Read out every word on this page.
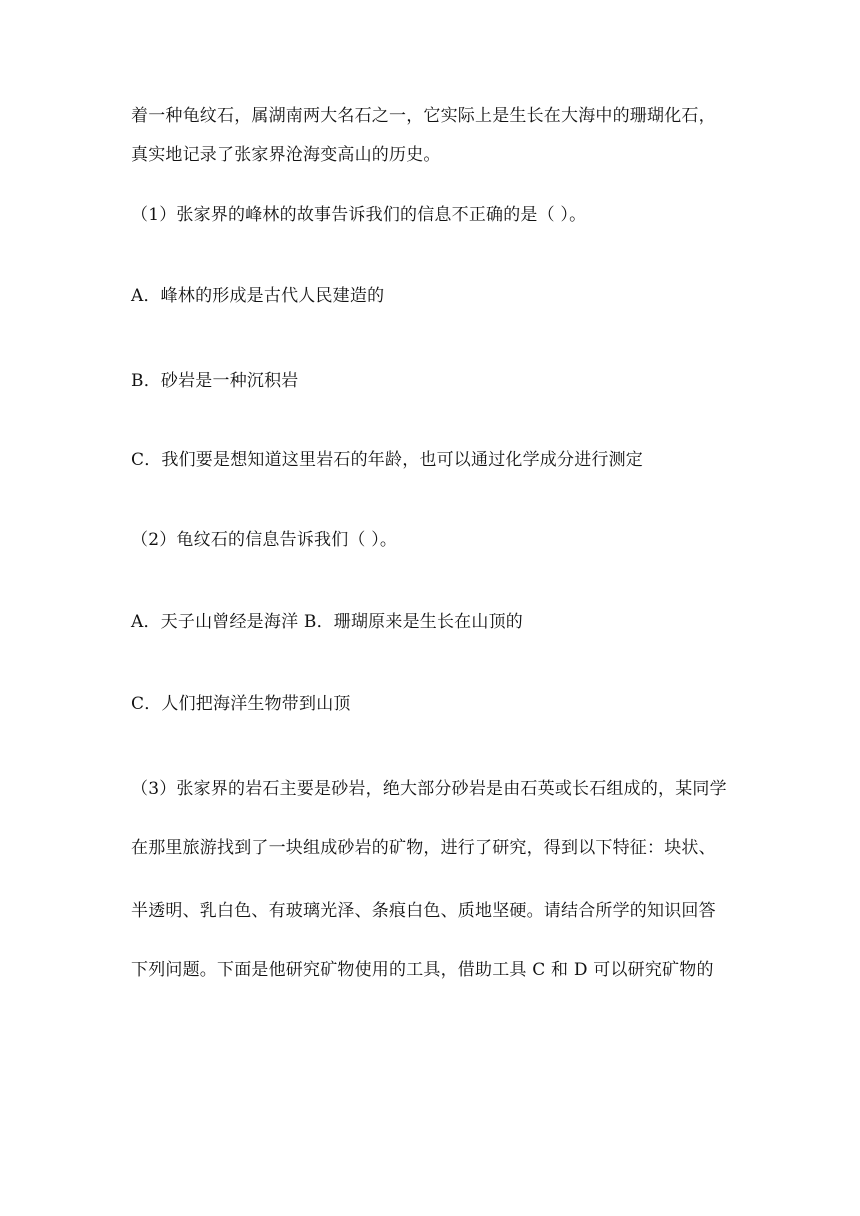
着一种龟纹石，属湖南两大名石之一，它实际上是生长在大海中的珊瑚化石，
真实地记录了张家界沧海变高山的历史。
（1）张家界的峰林的故事告诉我们的信息不正确的是（ ）。
A．峰林的形成是古代人民建造的
B．砂岩是一种沉积岩
C．我们要是想知道这里岩石的年龄，也可以通过化学成分进行测定
（2）龟纹石的信息告诉我们（ ）。
A．天子山曾经是海洋 B．珊瑚原来是生长在山顶的
C．人们把海洋生物带到山顶
（3）张家界的岩石主要是砂岩，绝大部分砂岩是由石英或长石组成的，某同学
在那里旅游找到了一块组成砂岩的矿物，进行了研究，得到以下特征：块状、
半透明、乳白色、有玻璃光泽、条痕白色、质地坚硬。请结合所学的知识回答
下列问题。下面是他研究矿物使用的工具，借助工具 C 和 D 可以研究矿物的
